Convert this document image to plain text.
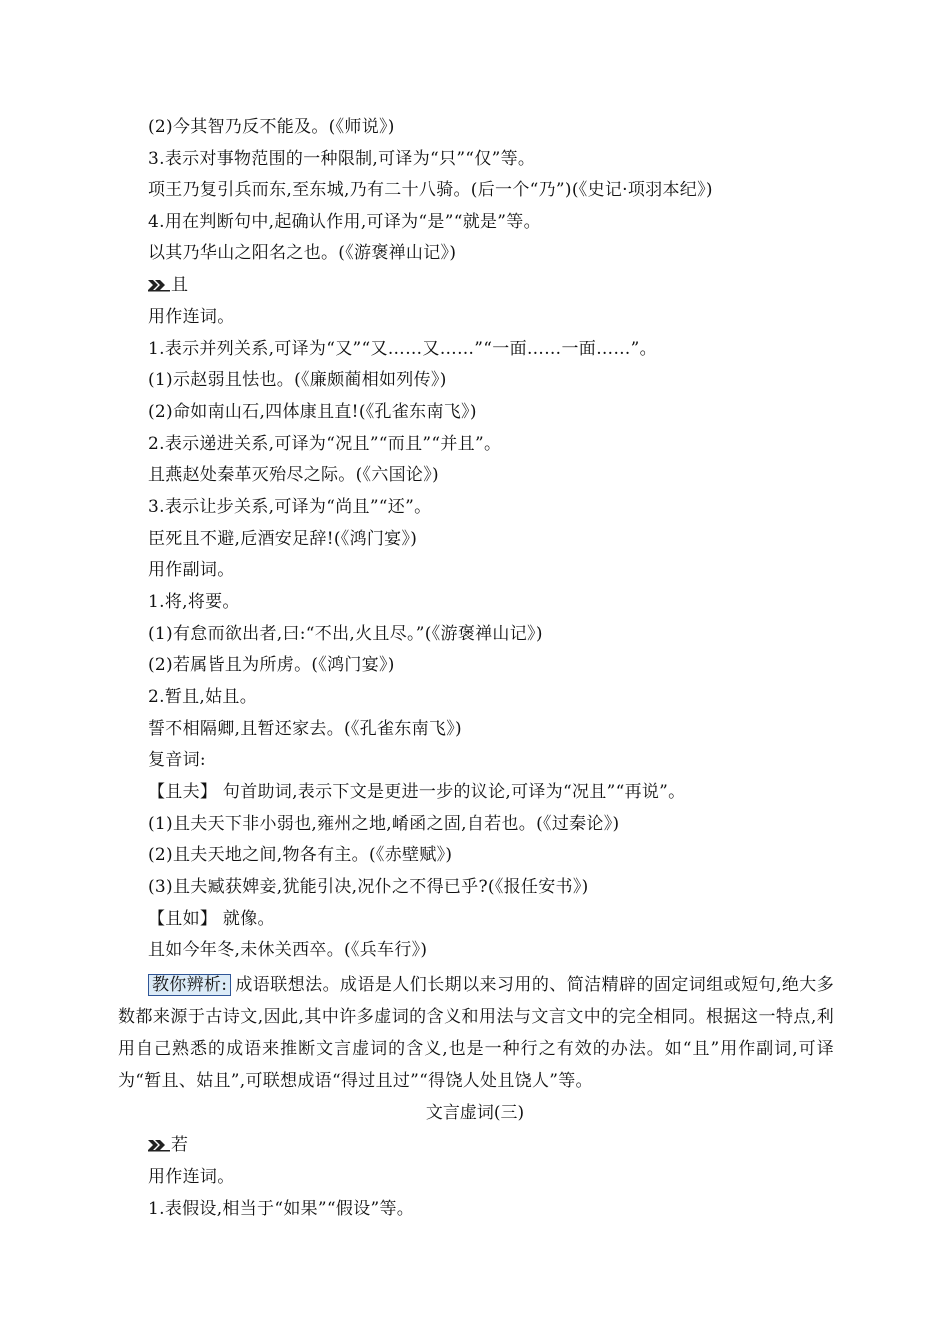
(2)今其智乃反不能及。(《师说》)
3.表示对事物范围的一种限制,可译为“只”“仅”等。
项王乃复引兵而东,至东城,乃有二十八骑。(后一个“乃”)(《史记·项羽本纪》)
4.用在判断句中,起确认作用,可译为“是”“就是”等。
以其乃华山之阳名之也。(《游褒禅山记》)
且
用作连词。
1.表示并列关系,可译为“又”“又……又……”“一面……一面……”。
(1)示赵弱且怯也。(《廉颇蔺相如列传》)
(2)命如南山石,四体康且直!(《孔雀东南飞》)
2.表示递进关系,可译为“况且”“而且”“并且”。
且燕赵处秦革灭殆尽之际。(《六国论》)
3.表示让步关系,可译为“尚且”“还”。
臣死且不避,卮酒安足辞!(《鸿门宴》)
用作副词。
1.将,将要。
(1)有怠而欲出者,曰:“不出,火且尽。”(《游褒禅山记》)
(2)若属皆且为所虏。(《鸿门宴》)
2.暂且,姑且。
誓不相隔卿,且暂还家去。(《孔雀东南飞》)
复音词:
【且夫】 句首助词,表示下文是更进一步的议论,可译为“况且”“再说”。
(1)且夫天下非小弱也,雍州之地,崤函之固,自若也。(《过秦论》)
(2)且夫天地之间,物各有主。(《赤壁赋》)
(3)且夫臧获婢妾,犹能引决,况仆之不得已乎?(《报任安书》)
【且如】 就像。
且如今年冬,未休关西卒。(《兵车行》)
教你辨析: 成语联想法。成语是人们长期以来习用的、简洁精辟的固定词组或短句,绝大多数都来源于古诗文,因此,其中许多虚词的含义和用法与文言文中的完全相同。根据这一特点,利用自己熟悉的成语来推断文言虚词的含义,也是一种行之有效的办法。如“且”用作副词,可译为“暂且、姑且”,可联想成语“得过且过”“得饶人处且饶人”等。
文言虚词(三)
若
用作连词。
1.表假设,相当于“如果”“假设”等。
